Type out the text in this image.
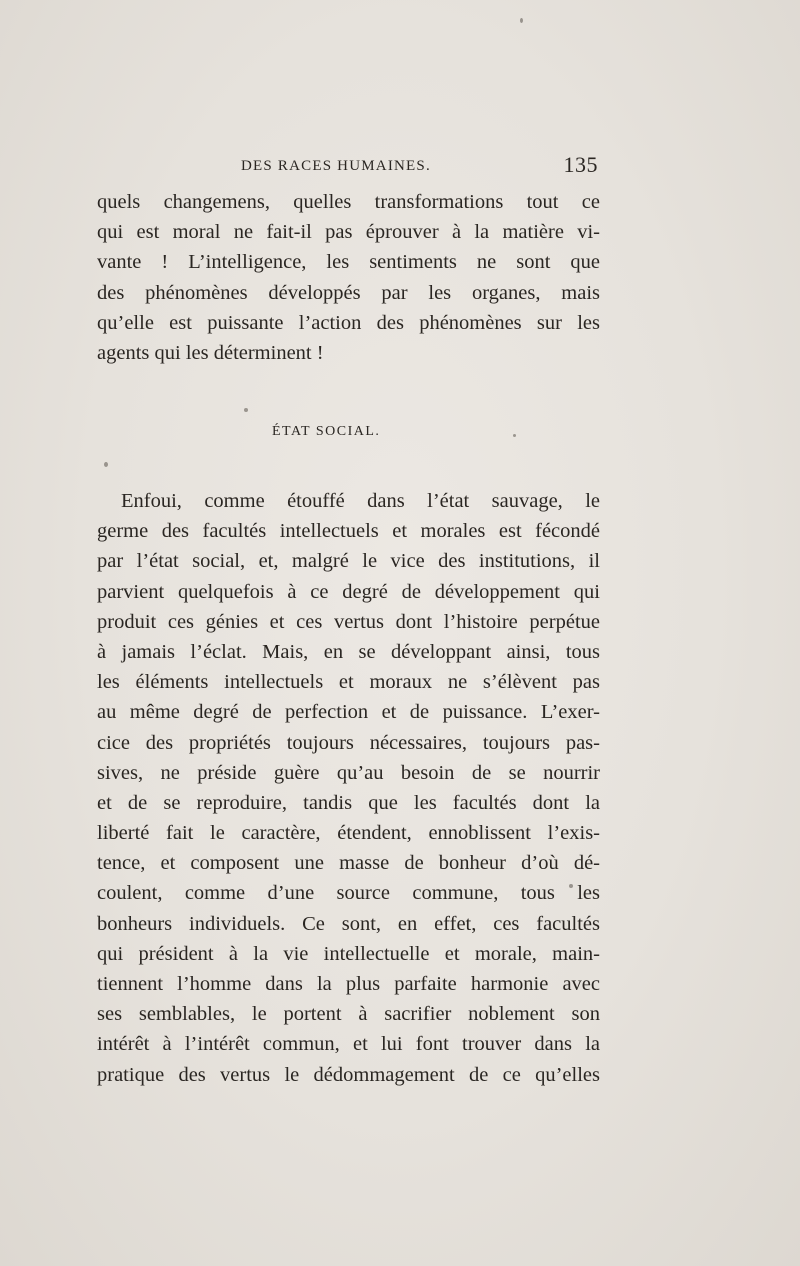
DES RACES HUMAINES.	135
quels changemens, quelles transformations tout ce
qui est moral ne fait-il pas éprouver à la matière vi-
vante ! L’intelligence, les sentiments ne sont que
des phénomènes développés par les organes, mais
qu’elle est puissante l’action des phénomènes sur les
agents qui les déterminent !
ÉTAT SOCIAL.
Enfoui, comme étouffé dans l’état sauvage, le
germe des facultés intellectuels et morales est fécondé
par l’état social, et, malgré le vice des institutions, il
parvient quelquefois à ce degré de développement qui
produit ces génies et ces vertus dont l’histoire perpétue
à jamais l’éclat. Mais, en se développant ainsi, tous
les éléments intellectuels et moraux ne s’élèvent pas
au même degré de perfection et de puissance. L’exer-
cice des propriétés toujours nécessaires, toujours pas-
sives, ne préside guère qu’au besoin de se nourrir
et de se reproduire, tandis que les facultés dont la
liberté fait le caractère, étendent, ennoblissent l’exis-
tence, et composent une masse de bonheur d’où dé-
coulent, comme d’une source commune, tous les
bonheurs individuels. Ce sont, en effet, ces facultés
qui président à la vie intellectuelle et morale, main-
tiennent l’homme dans la plus parfaite harmonie avec
ses semblables, le portent à sacrifier noblement son
intérêt à l’intérêt commun, et lui font trouver dans la
pratique des vertus le dédommagement de ce qu’elles
